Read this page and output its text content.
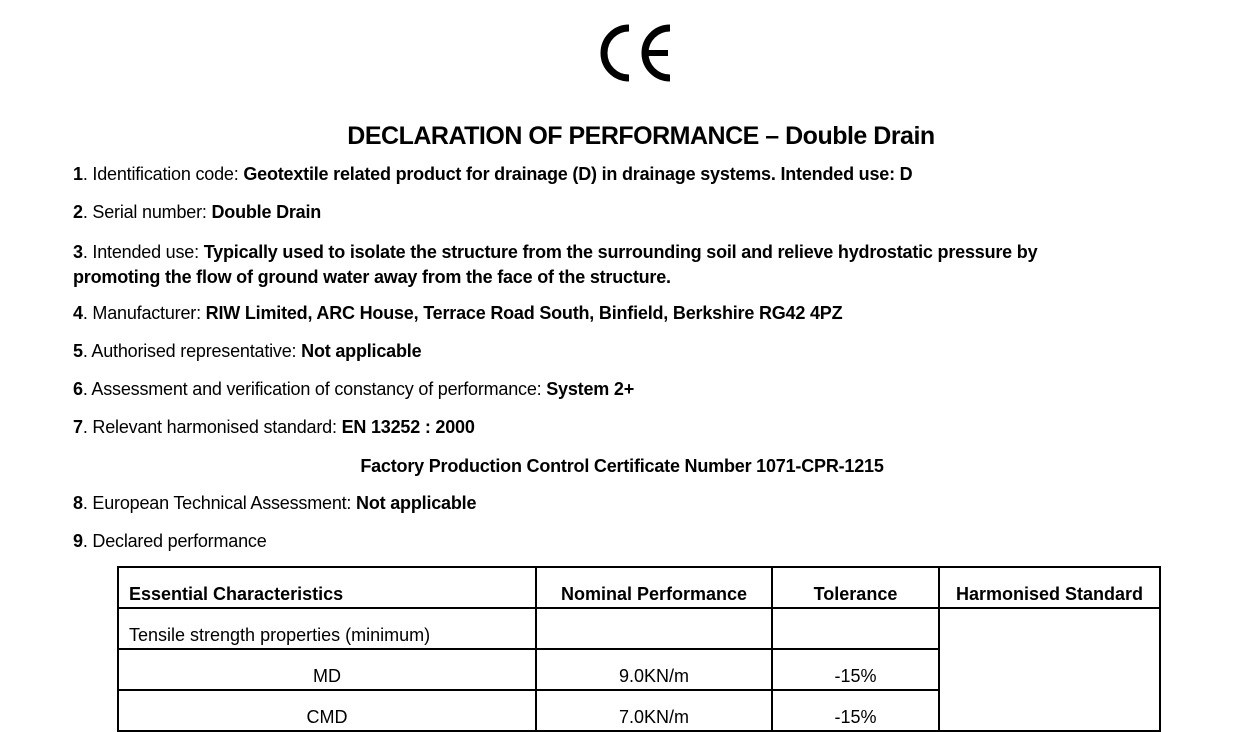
DECLARATION OF PERFORMANCE – Double Drain
1. Identification code: Geotextile related product for drainage (D) in drainage systems. Intended use: D
2. Serial number: Double Drain
3. Intended use: Typically used to isolate the structure from the surrounding soil and relieve hydrostatic pressure by promoting the flow of ground water away from the face of the structure.
4. Manufacturer: RIW Limited, ARC House, Terrace Road South, Binfield, Berkshire RG42 4PZ
5. Authorised representative: Not applicable
6. Assessment and verification of constancy of performance: System 2+
7. Relevant harmonised standard: EN 13252 : 2000
Factory Production Control Certificate Number 1071-CPR-1215
8. European Technical Assessment: Not applicable
9. Declared performance
Essential Characteristics	Nominal Performance	Tolerance	Harmonised Standard
Tensile strength properties (minimum)			
MD	9.0KN/m	-15%	
CMD	7.0KN/m	-15%	
